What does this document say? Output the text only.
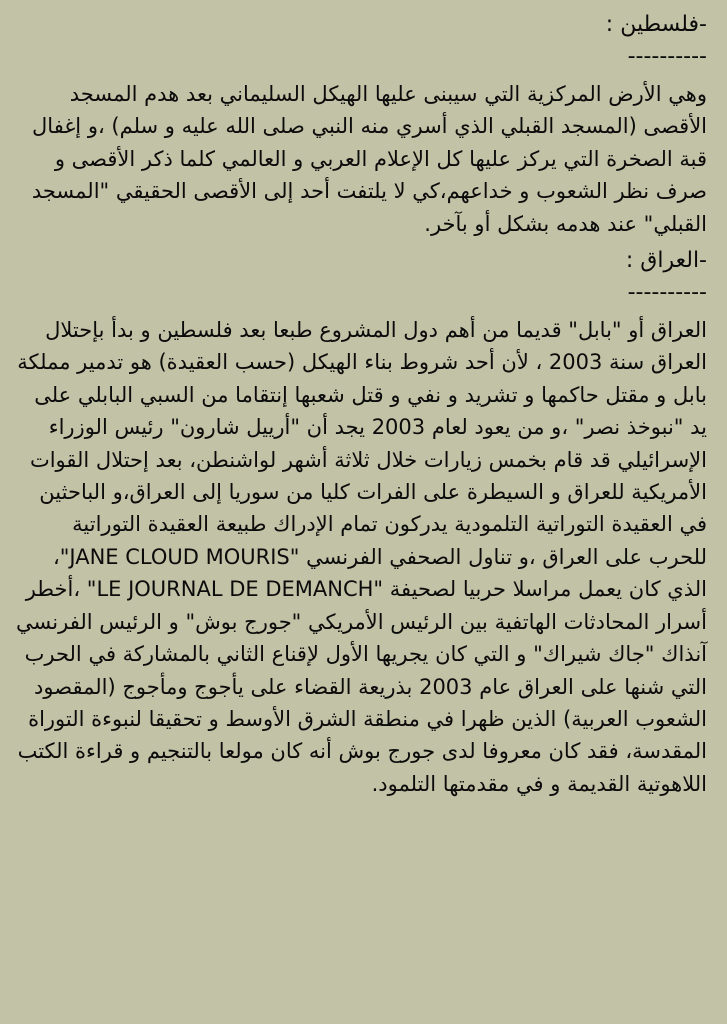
-فلسطين :

----------

وهي الأرض المركزية التي سيبنى عليها الهيكل السليماني بعد هدم المسجد الأقصى (المسجد القبلي الذي أسري منه النبي صلى الله عليه و سلم) ،و إغفال قبة الصخرة التي يركز عليها كل الإعلام العربي و العالمي كلما ذكر الأقصى و صرف نظر الشعوب و خداعهم،كي لا يلتفت أحد إلى الأقصى الحقيقي "المسجد القبلي" عند هدمه بشكل أو بآخر.

-العراق :

----------

العراق أو "بابل" قديما من أهم دول المشروع طبعا بعد فلسطين و بدأ بإحتلال العراق سنة 2003 ، لأن أحد شروط بناء الهيكل (حسب العقيدة) هو تدمير مملكة بابل و مقتل حاكمها و تشريد و نفي و قتل شعبها إنتقاما من السبي البابلي على يد "نبوخذ نصر" ،و من يعود لعام 2003 يجد أن "أرييل شارون" رئيس الوزراء الإسرائيلي قد قام بخمس زيارات خلال ثلاثة أشهر لواشنطن، بعد إحتلال القوات الأمريكية للعراق و السيطرة على الفرات كليا من سوريا إلى العراق،و الباحثين في العقيدة التوراتية التلمودية يدركون تمام الإدراك طبيعة العقيدة التوراتية للحرب على العراق ،و تناول الصحفي الفرنسي "JANE CLOUD MOURIS"، الذي كان يعمل مراسلا حربيا لصحيفة "LE JOURNAL DE DEMANCH" ،أخطر أسرار المحادثات الهاتفية بين الرئيس الأمريكي "جورج بوش" و الرئيس الفرنسي آنذاك "جاك شيراك" و التي كان يجريها الأول لإقناع الثاني بالمشاركة في الحرب التي شنها على العراق عام 2003 بذريعة القضاء على يأجوج ومأجوج (المقصود الشعوب العربية) الذين ظهرا في منطقة الشرق الأوسط و تحقيقا لنبوءة التوراة المقدسة، فقد كان معروفا لدى جورج بوش أنه كان مولعا بالتنجيم و قراءة الكتب اللاهوتية القديمة و في مقدمتها التلمود.
